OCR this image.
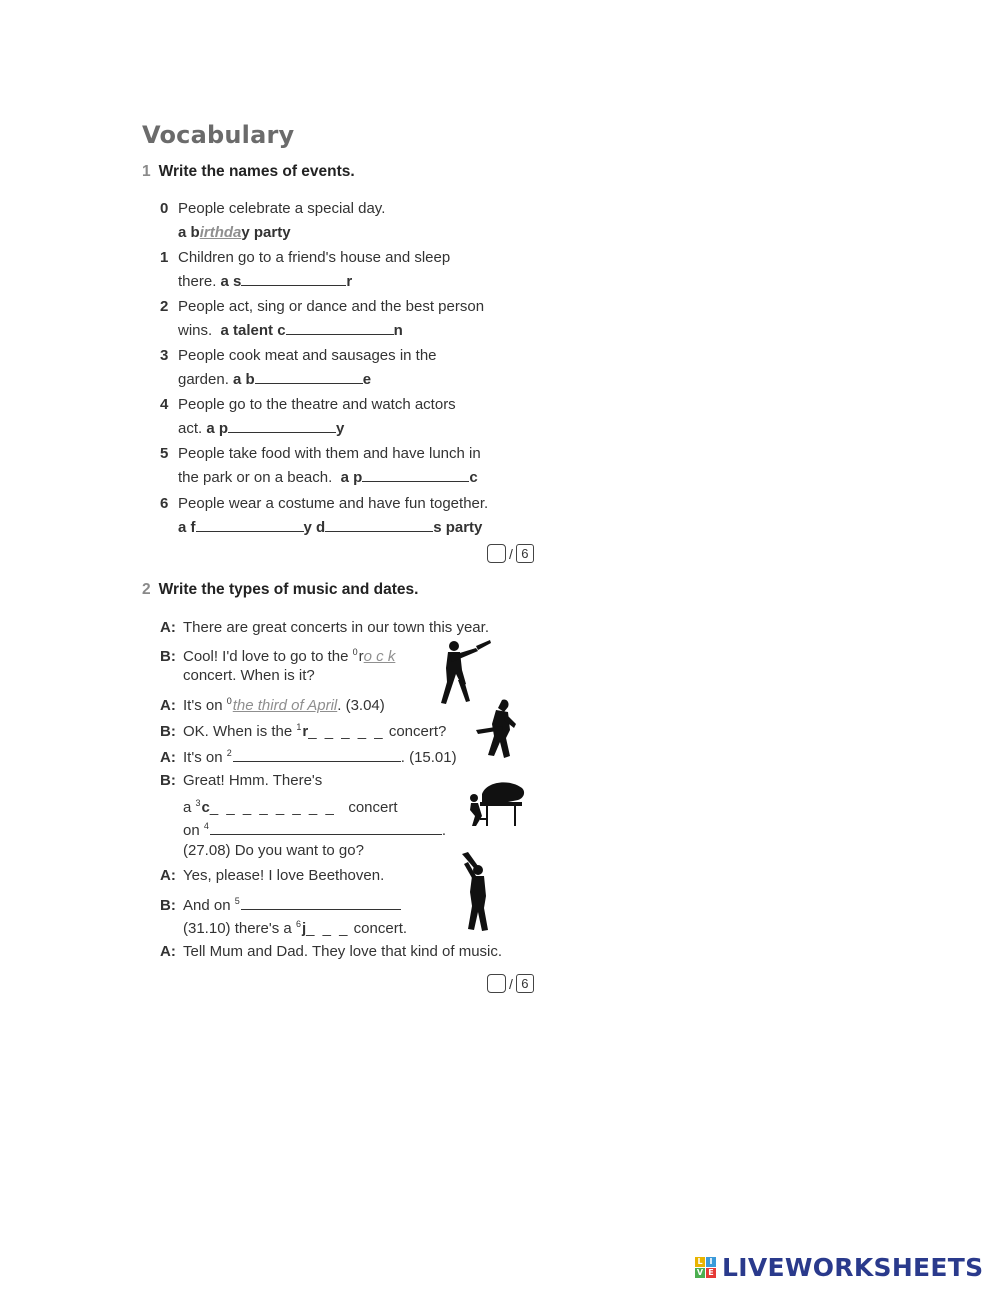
Vocabulary
1 Write the names of events.
0 People celebrate a special day.
a birthday party
1 Children go to a friend's house and sleep
there. a s	r
2 People act, sing or dance and the best person
wins. a talent c	n
3 People cook meat and sausages in the
garden. a b	e
4 People go to the theatre and watch actors
act. a p	y
5 People take food with them and have lunch in
the park or on a beach. a p	c
6 People wear a costume and have fun together.
a f	y d	s party
/ 6
2 Write the types of music and dates.
A: There are great concerts in our town this year.
B: Cool! I'd love to go to the $^0$ro c k
concert. When is it?
A: It's on $^0$the third of April. (3.04)
B: OK. When is the $^1$r_ _ _ _ _ concert?
A: It's on $^2$	. (15.01)
B: Great! Hmm. There's
a $^3$c_ _ _ _ _ _ _ _ concert
on $^4$	.
(27.08) Do you want to go?
A: Yes, please! I love Beethoven.
B: And on $^5$
(31.10) there's a $^6$j_ _ _ concert.
A: Tell Mum and Dad. They love that kind of music.
/ 6
L I
V E LIVEWORKSHEETS
